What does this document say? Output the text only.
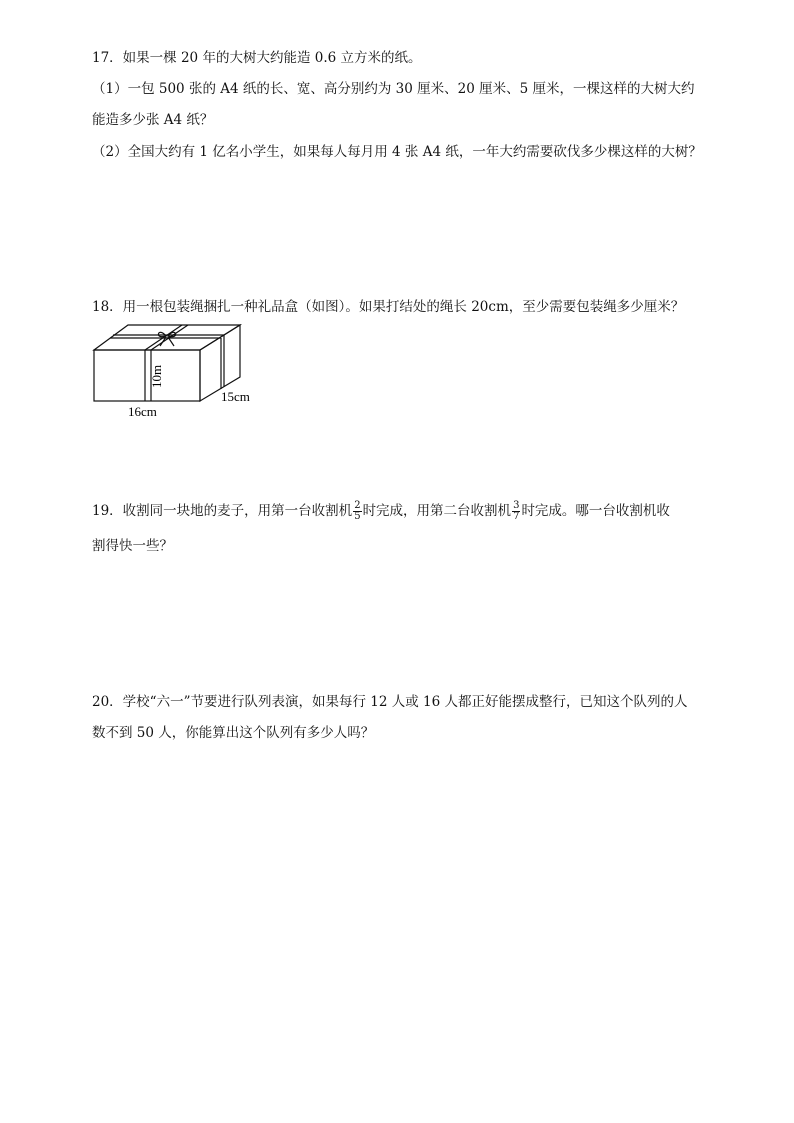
17．如果一棵 20 年的大树大约能造 0.6 立方米的纸。

（1）一包 500 张的 A4 纸的长、宽、高分别约为 30 厘米、20 厘米、5 厘米，一棵这样的大树大约

能造多少张 A4 纸？

（2）全国大约有 1 亿名小学生，如果每人每月用 4 张 A4 纸，一年大约需要砍伐多少棵这样的大树？

18．用一根包装绳捆扎一种礼品盒（如图）。如果打结处的绳长 20cm，至少需要包装绳多少厘米？

10m
15cm
16cm

19．收割同一块地的麦子，用第一台收割机 $\frac{2}{5}$ 时完成，用第二台收割机 $\frac{3}{7}$ 时完成。哪一台收割机收

割得快一些？

20．学校“六一”节要进行队列表演，如果每行 12 人或 16 人都正好能摆成整行，已知这个队列的人

数不到 50 人，你能算出这个队列有多少人吗？
